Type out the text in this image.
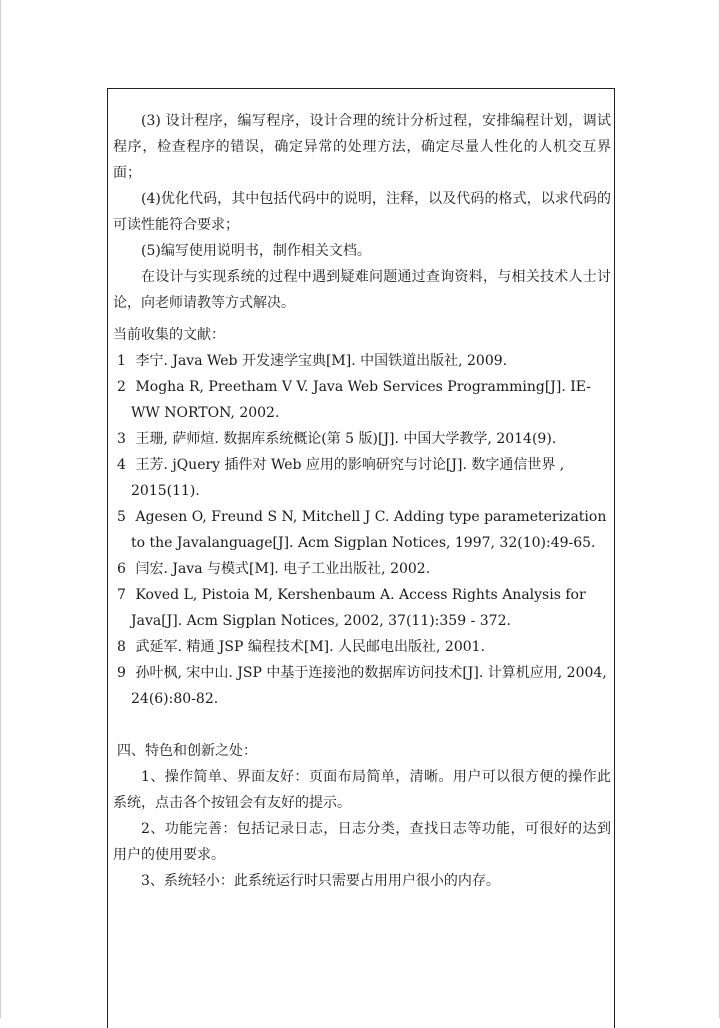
(3) 设计程序，编写程序，设计合理的统计分析过程，安排编程计划，调试程序，检查程序的错误，确定异常的处理方法，确定尽量人性化的人机交互界面；

(4)优化代码，其中包括代码中的说明，注释，以及代码的格式，以求代码的可读性能符合要求；

(5)编写使用说明书，制作相关文档。

在设计与实现系统的过程中遇到疑难问题通过查询资料，与相关技术人士讨论，向老师请教等方式解决。

当前收集的文献：

1 李宁. Java Web 开发速学宝典[M]. 中国铁道出版社, 2009.
2 Mogha R, Preetham V V. Java Web Services Programming[J]. IE-WW NORTON, 2002.
3 王珊, 萨师煊. 数据库系统概论(第 5 版)[J]. 中国大学教学, 2014(9).
4 王芳. jQuery 插件对 Web 应用的影响研究与讨论[J]. 数字通信世界 , 2015(11).
5 Agesen O, Freund S N, Mitchell J C. Adding type parameterization to the Javalanguage[J]. Acm Sigplan Notices, 1997, 32(10):49-65.
6 闫宏. Java 与模式[M]. 电子工业出版社, 2002.
7 Koved L, Pistoia M, Kershenbaum A. Access Rights Analysis for Java[J]. Acm Sigplan Notices, 2002, 37(11):359 - 372.
8 武延军. 精通 JSP 编程技术[M]. 人民邮电出版社, 2001.
9 孙叶枫, 宋中山. JSP 中基于连接池的数据库访问技术[J]. 计算机应用, 2004, 24(6):80-82.

四、特色和创新之处：

1、操作简单、界面友好：页面布局简单，清晰。用户可以很方便的操作此系统，点击各个按钮会有友好的提示。

2、功能完善：包括记录日志，日志分类，查找日志等功能，可很好的达到用户的使用要求。

3、系统轻小：此系统运行时只需要占用用户很小的内存。
